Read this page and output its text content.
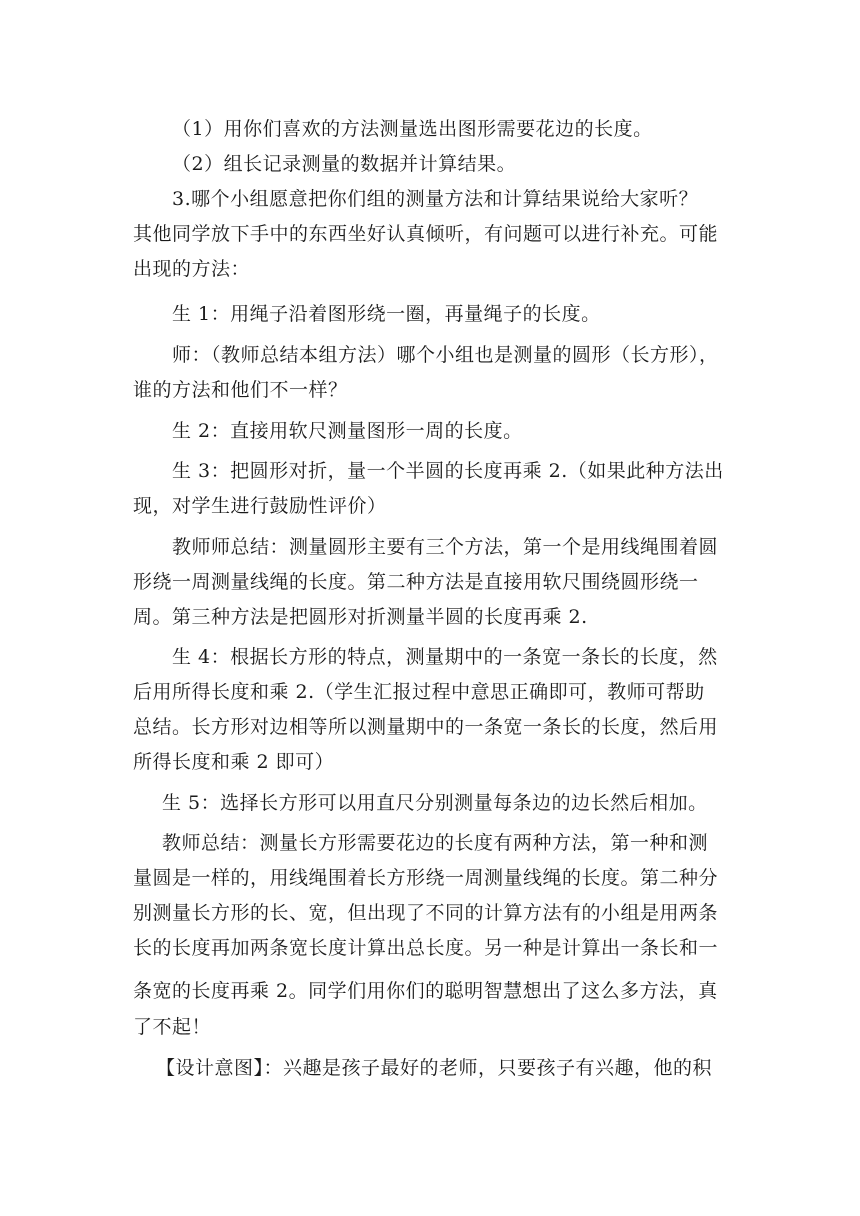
（1）用你们喜欢的方法测量选出图形需要花边的长度。
（2）组长记录测量的数据并计算结果。
3.哪个小组愿意把你们组的测量方法和计算结果说给大家听？
其他同学放下手中的东西坐好认真倾听，有问题可以进行补充。可能
出现的方法：
生 1：用绳子沿着图形绕一圈，再量绳子的长度。
师：（教师总结本组方法）哪个小组也是测量的圆形（长方形），
谁的方法和他们不一样？
生 2：直接用软尺测量图形一周的长度。
生 3：把圆形对折，量一个半圆的长度再乘 2.（如果此种方法出
现，对学生进行鼓励性评价）
教师师总结：测量圆形主要有三个方法，第一个是用线绳围着圆
形绕一周测量线绳的长度。第二种方法是直接用软尺围绕圆形绕一
周。第三种方法是把圆形对折测量半圆的长度再乘 2.
生 4：根据长方形的特点，测量期中的一条宽一条长的长度，然
后用所得长度和乘 2.（学生汇报过程中意思正确即可，教师可帮助
总结。长方形对边相等所以测量期中的一条宽一条长的长度，然后用
所得长度和乘 2 即可）
生 5：选择长方形可以用直尺分别测量每条边的边长然后相加。
教师总结：测量长方形需要花边的长度有两种方法，第一种和测
量圆是一样的，用线绳围着长方形绕一周测量线绳的长度。第二种分
别测量长方形的长、宽，但出现了不同的计算方法有的小组是用两条
长的长度再加两条宽长度计算出总长度。另一种是计算出一条长和一
条宽的长度再乘 2。同学们用你们的聪明智慧想出了这么多方法，真
了不起！
【设计意图】：兴趣是孩子最好的老师，只要孩子有兴趣，他的积
